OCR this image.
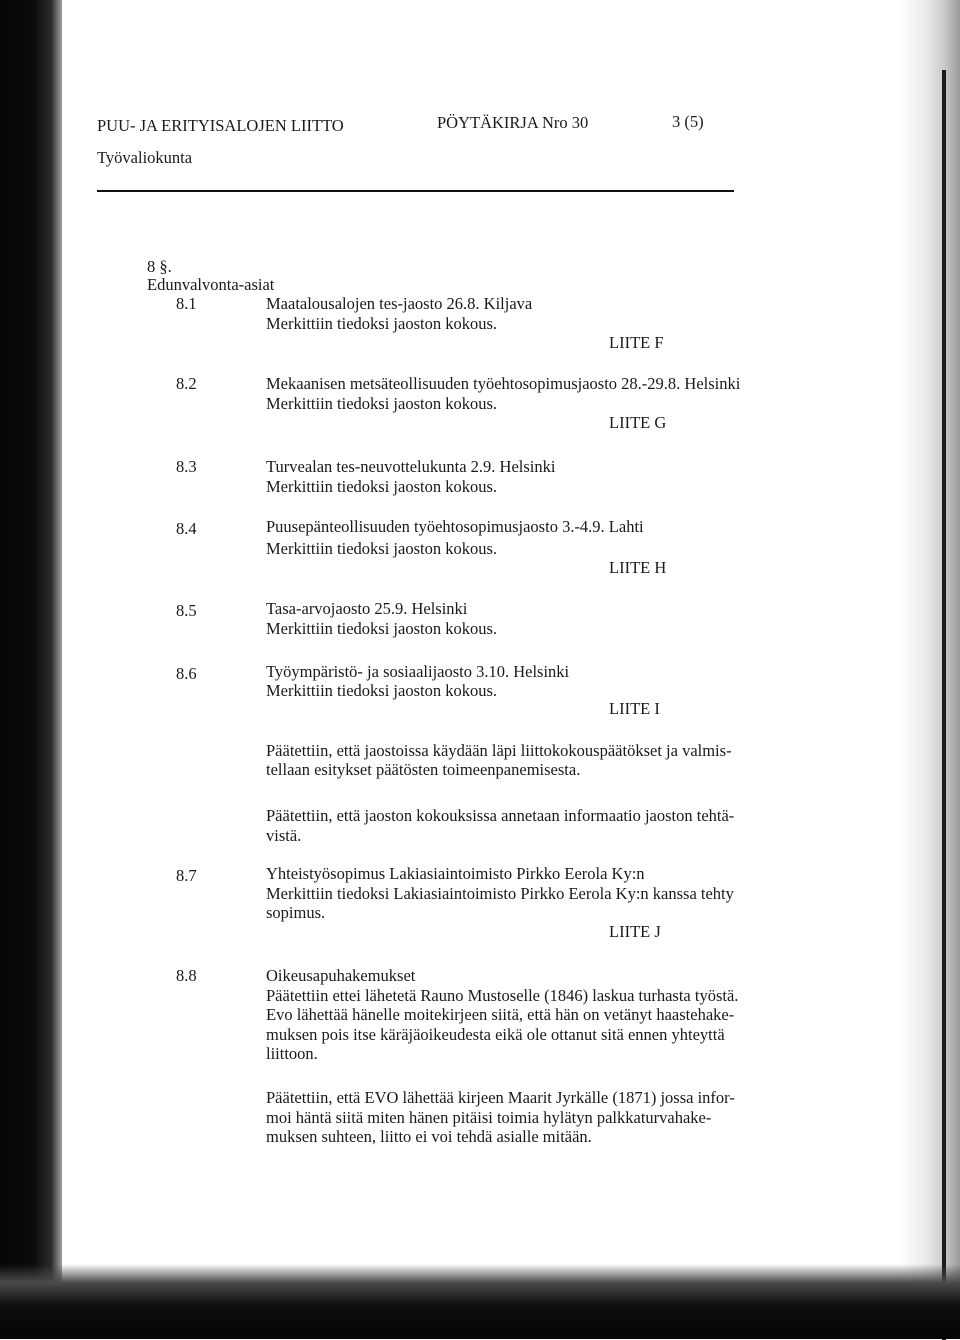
PUU- JA ERITYISALOJEN LIITTO	PÖYTÄKIRJA Nro 30	3 (5)
Työvaliokunta
8 §.
Edunvalvonta-asiat
8.1	Maatalousalojen tes-jaosto 26.8. Kiljava
Merkittiin tiedoksi jaoston kokous.
LIITE F
8.2	Mekaanisen metsäteollisuuden työehtosopimusjaosto 28.-29.8. Helsinki
Merkittiin tiedoksi jaoston kokous.
LIITE G
8.3	Turvealan tes-neuvottelukunta 2.9. Helsinki
Merkittiin tiedoksi jaoston kokous.
8.4	Puusepänteollisuuden työehtosopimusjaosto 3.-4.9. Lahti
Merkittiin tiedoksi jaoston kokous.
LIITE H
8.5	Tasa-arvojaosto 25.9. Helsinki
Merkittiin tiedoksi jaoston kokous.
8.6	Työympäristö- ja sosiaalijaosto 3.10. Helsinki
Merkittiin tiedoksi jaoston kokous.
LIITE I
Päätettiin, että jaostoissa käydään läpi liittokokouspäätökset ja valmis-
tellaan esitykset päätösten toimeenpanemisesta.
Päätettiin, että jaoston kokouksissa annetaan informaatio jaoston tehtä-
vistä.
8.7	Yhteistyösopimus Lakiasiaintoimisto Pirkko Eerola Ky:n
Merkittiin tiedoksi Lakiasiaintoimisto Pirkko Eerola Ky:n kanssa tehty
sopimus.
LIITE J
8.8	Oikeusapuhakemukset
Päätettiin ettei lähetetä Rauno Mustoselle (1846) laskua turhasta työstä.
Evo lähettää hänelle moitekirjeen siitä, että hän on vetänyt haastehake-
muksen pois itse käräjäoikeudesta eikä ole ottanut sitä ennen yhteyttä
liittoon.
Päätettiin, että EVO lähettää kirjeen Maarit Jyrkälle (1871) jossa infor-
moi häntä siitä miten hänen pitäisi toimia hylätyn palkkaturvahake-
muksen suhteen, liitto ei voi tehdä asialle mitään.
